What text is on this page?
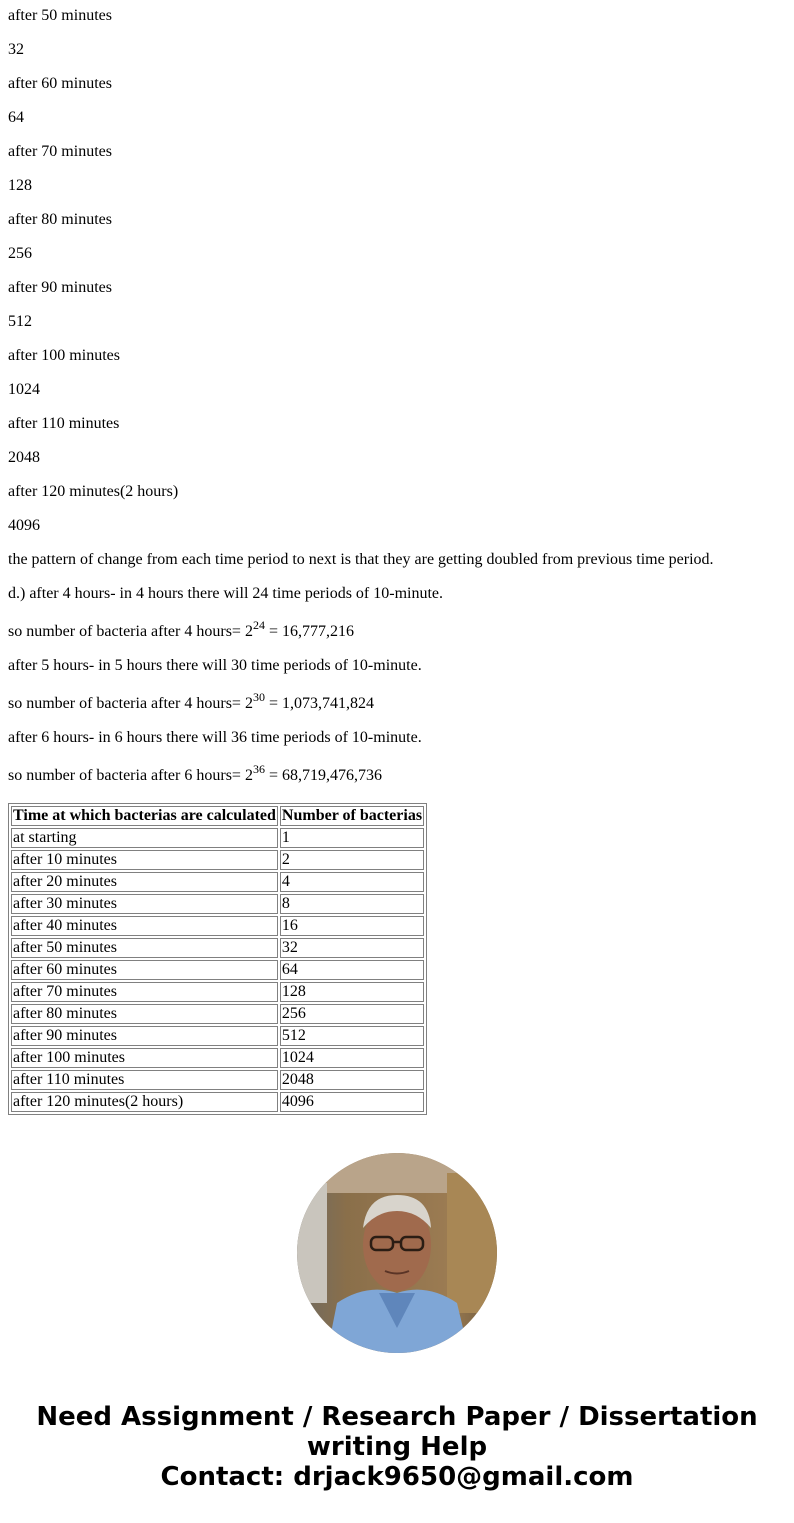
after 50 minutes

32

after 60 minutes

64

after 70 minutes

128

after 80 minutes

256

after 90 minutes

512

after 100 minutes

1024

after 110 minutes

2048

after 120 minutes(2 hours)

4096

the pattern of change from each time period to next is that they are getting doubled from previous time period.

d.) after 4 hours- in 4 hours there will 24 time periods of 10-minute.

so number of bacteria after 4 hours= $2^{24} = 16,777,216$

after 5 hours- in 5 hours there will 30 time periods of 10-minute.

so number of bacteria after 4 hours= $2^{30} = 1,073,741,824$

after 6 hours- in 6 hours there will 36 time periods of 10-minute.

so number of bacteria after 6 hours= $2^{36} = 68,719,476,736$

Time at which bacterias are calculated	Number of bacterias
at starting	1
after 10 minutes	2
after 20 minutes	4
after 30 minutes	8
after 40 minutes	16
after 50 minutes	32
after 60 minutes	64
after 70 minutes	128
after 80 minutes	256
after 90 minutes	512
after 100 minutes	1024
after 110 minutes	2048
after 120 minutes(2 hours)	4096
Need Assignment / Research Paper / Dissertation
writing Help
Contact: drjack9650@gmail.com
